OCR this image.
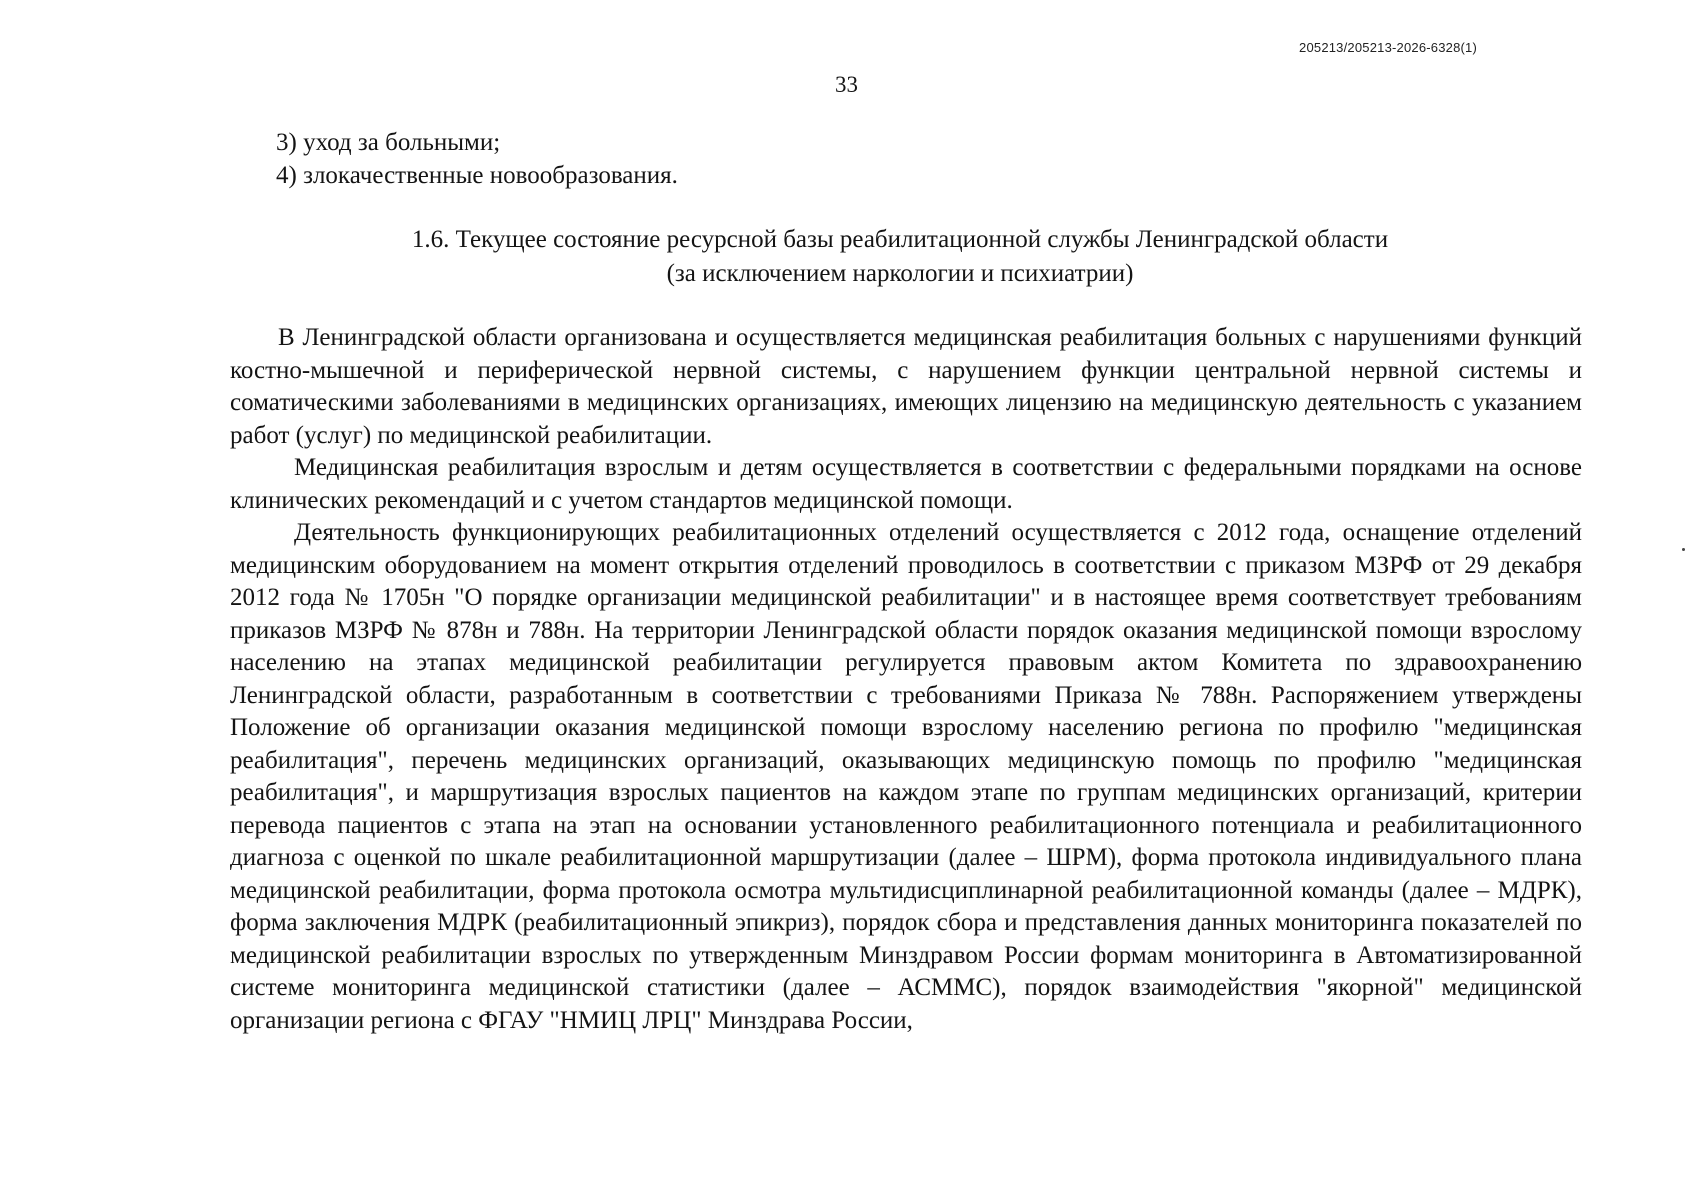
205213/205213-2026-6328(1)
33

3) уход за больными;

4) злокачественные новообразования.

1.6. Текущее состояние ресурсной базы реабилитационной службы Ленинградской области

(за исключением наркологии и психиатрии)

В Ленинградской области организована и осуществляется медицинская реабилитация больных с нарушениями функций костно-мышечной и периферической нервной системы, с нарушением функции центральной нервной системы и соматическими заболеваниями в медицинских организациях, имеющих лицензию на медицинскую деятельность с указанием работ (услуг) по медицинской реабилитации.

Медицинская реабилитация взрослым и детям осуществляется в соответствии с федеральными порядками на основе клинических рекомендаций и с учетом стандартов медицинской помощи.

Деятельность функционирующих реабилитационных отделений осуществляется с 2012 года, оснащение отделений медицинским оборудованием на момент открытия отделений проводилось в соответствии с приказом МЗРФ от 29 декабря 2012 года № 1705н "О порядке организации медицинской реабилитации" и в настоящее время соответствует требованиям приказов МЗРФ № 878н и 788н. На территории Ленинградской области порядок оказания медицинской помощи взрослому населению на этапах медицинской реабилитации регулируется правовым актом Комитета по здравоохранению Ленинградской области, разработанным в соответствии с требованиями Приказа № 788н. Распоряжением утверждены Положение об организации оказания медицинской помощи взрослому населению региона по профилю "медицинская реабилитация", перечень медицинских организаций, оказывающих медицинскую помощь по профилю "медицинская реабилитация", и маршрутизация взрослых пациентов на каждом этапе по группам медицинских организаций, критерии перевода пациентов с этапа на этап на основании установленного реабилитационного потенциала и реабилитационного диагноза с оценкой по шкале реабилитационной маршрутизации (далее – ШРМ), форма протокола индивидуального плана медицинской реабилитации, форма протокола осмотра мультидисциплинарной реабилитационной команды (далее – МДРК), форма заключения МДРК (реабилитационный эпикриз), порядок сбора и представления данных мониторинга показателей по медицинской реабилитации взрослых по утвержденным Минздравом России формам мониторинга в Автоматизированной системе мониторинга медицинской статистики (далее – АСММС), порядок взаимодействия "якорной" медицинской организации региона с ФГАУ "НМИЦ ЛРЦ" Минздрава России,
